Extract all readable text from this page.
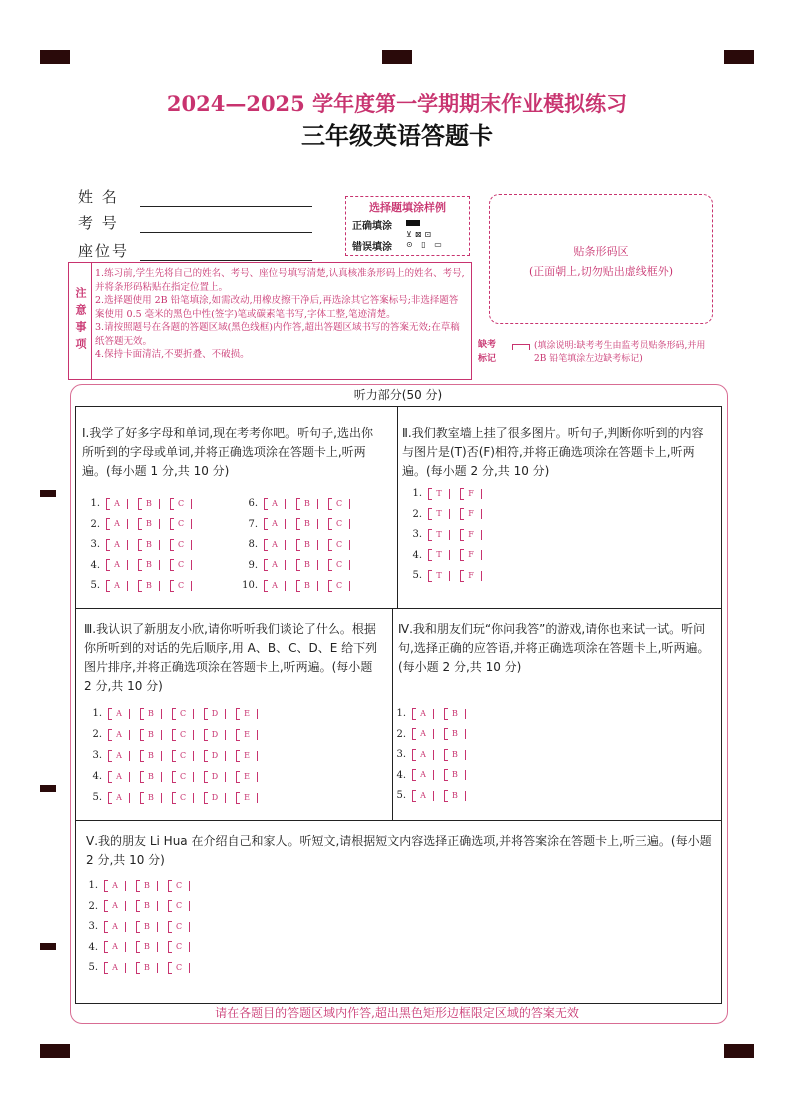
2024—2025 学年度第一学期期末作业模拟练习
三年级英语答题卡
姓 名
考 号
座位号
选择题填涂样例
正确填涂
⊻⊠⊡
错误填涂 ⊙ ▯ ▭
贴条形码区
(正面朝上,切勿贴出虚线框外)
注意事项
1.练习前,学生先将自己的姓名、考号、座位号填写清楚,认真核准条形码上的姓名、考号,并将条形码粘贴在指定位置上。
2.选择题使用 2B 铅笔填涂,如需改动,用橡皮擦干净后,再选涂其它答案标号;非选择题答案使用 0.5 毫米的黑色中性(签字)笔或碳素笔书写,字体工整,笔迹清楚。
3.请按照题号在各题的答题区域(黑色线框)内作答,超出答题区域书写的答案无效;在草稿纸答题无效。
4.保持卡面清洁,不要折叠、不破损。
缺考标记
(填涂说明:缺考考生由监考员贴条形码,并用 2B 铅笔填涂左边缺考标记)
听力部分(50 分)
Ⅰ.我学了好多字母和单词,现在考考你吧。听句子,选出你所听到的字母或单词,并将正确选项涂在答题卡上,听两遍。(每小题 1 分,共 10 分)
Ⅱ.我们教室墙上挂了很多图片。听句子,判断你听到的内容与图片是(T)否(F)相符,并将正确选项涂在答题卡上,听两遍。(每小题 2 分,共 10 分)
Ⅲ.我认识了新朋友小欣,请你听听我们谈论了什么。根据你所听到的对话的先后顺序,用 A、B、C、D、E 给下列图片排序,并将正确选项涂在答题卡上,听两遍。(每小题 2 分,共 10 分)
Ⅳ.我和朋友们玩“你问我答”的游戏,请你也来试一试。听问句,选择正确的应答语,并将正确选项涂在答题卡上,听两遍。(每小题 2 分,共 10 分)
Ⅴ.我的朋友 Li Hua 在介绍自己和家人。听短文,请根据短文内容选择正确选项,并将答案涂在答题卡上,听三遍。(每小题 2 分,共 10 分)
1.	A	B	C
2.	A	B	C
3.	A	B	C
4.	A	B	C
5.	A	B	C
6.	A	B	C
7.	A	B	C
8.	A	B	C
9.	A	B	C
10.	A	B	C
1.	T	F
2.	T	F
3.	T	F
4.	T	F
5.	T	F
1.	A	B	C	D	E
2.	A	B	C	D	E
3.	A	B	C	D	E
4.	A	B	C	D	E
5.	A	B	C	D	E
1.	A	B
2.	A	B
3.	A	B
4.	A	B
5.	A	B
1.	A	B	C
2.	A	B	C
3.	A	B	C
4.	A	B	C
5.	A	B	C
请在各题目的答题区域内作答,超出黑色矩形边框限定区域的答案无效
